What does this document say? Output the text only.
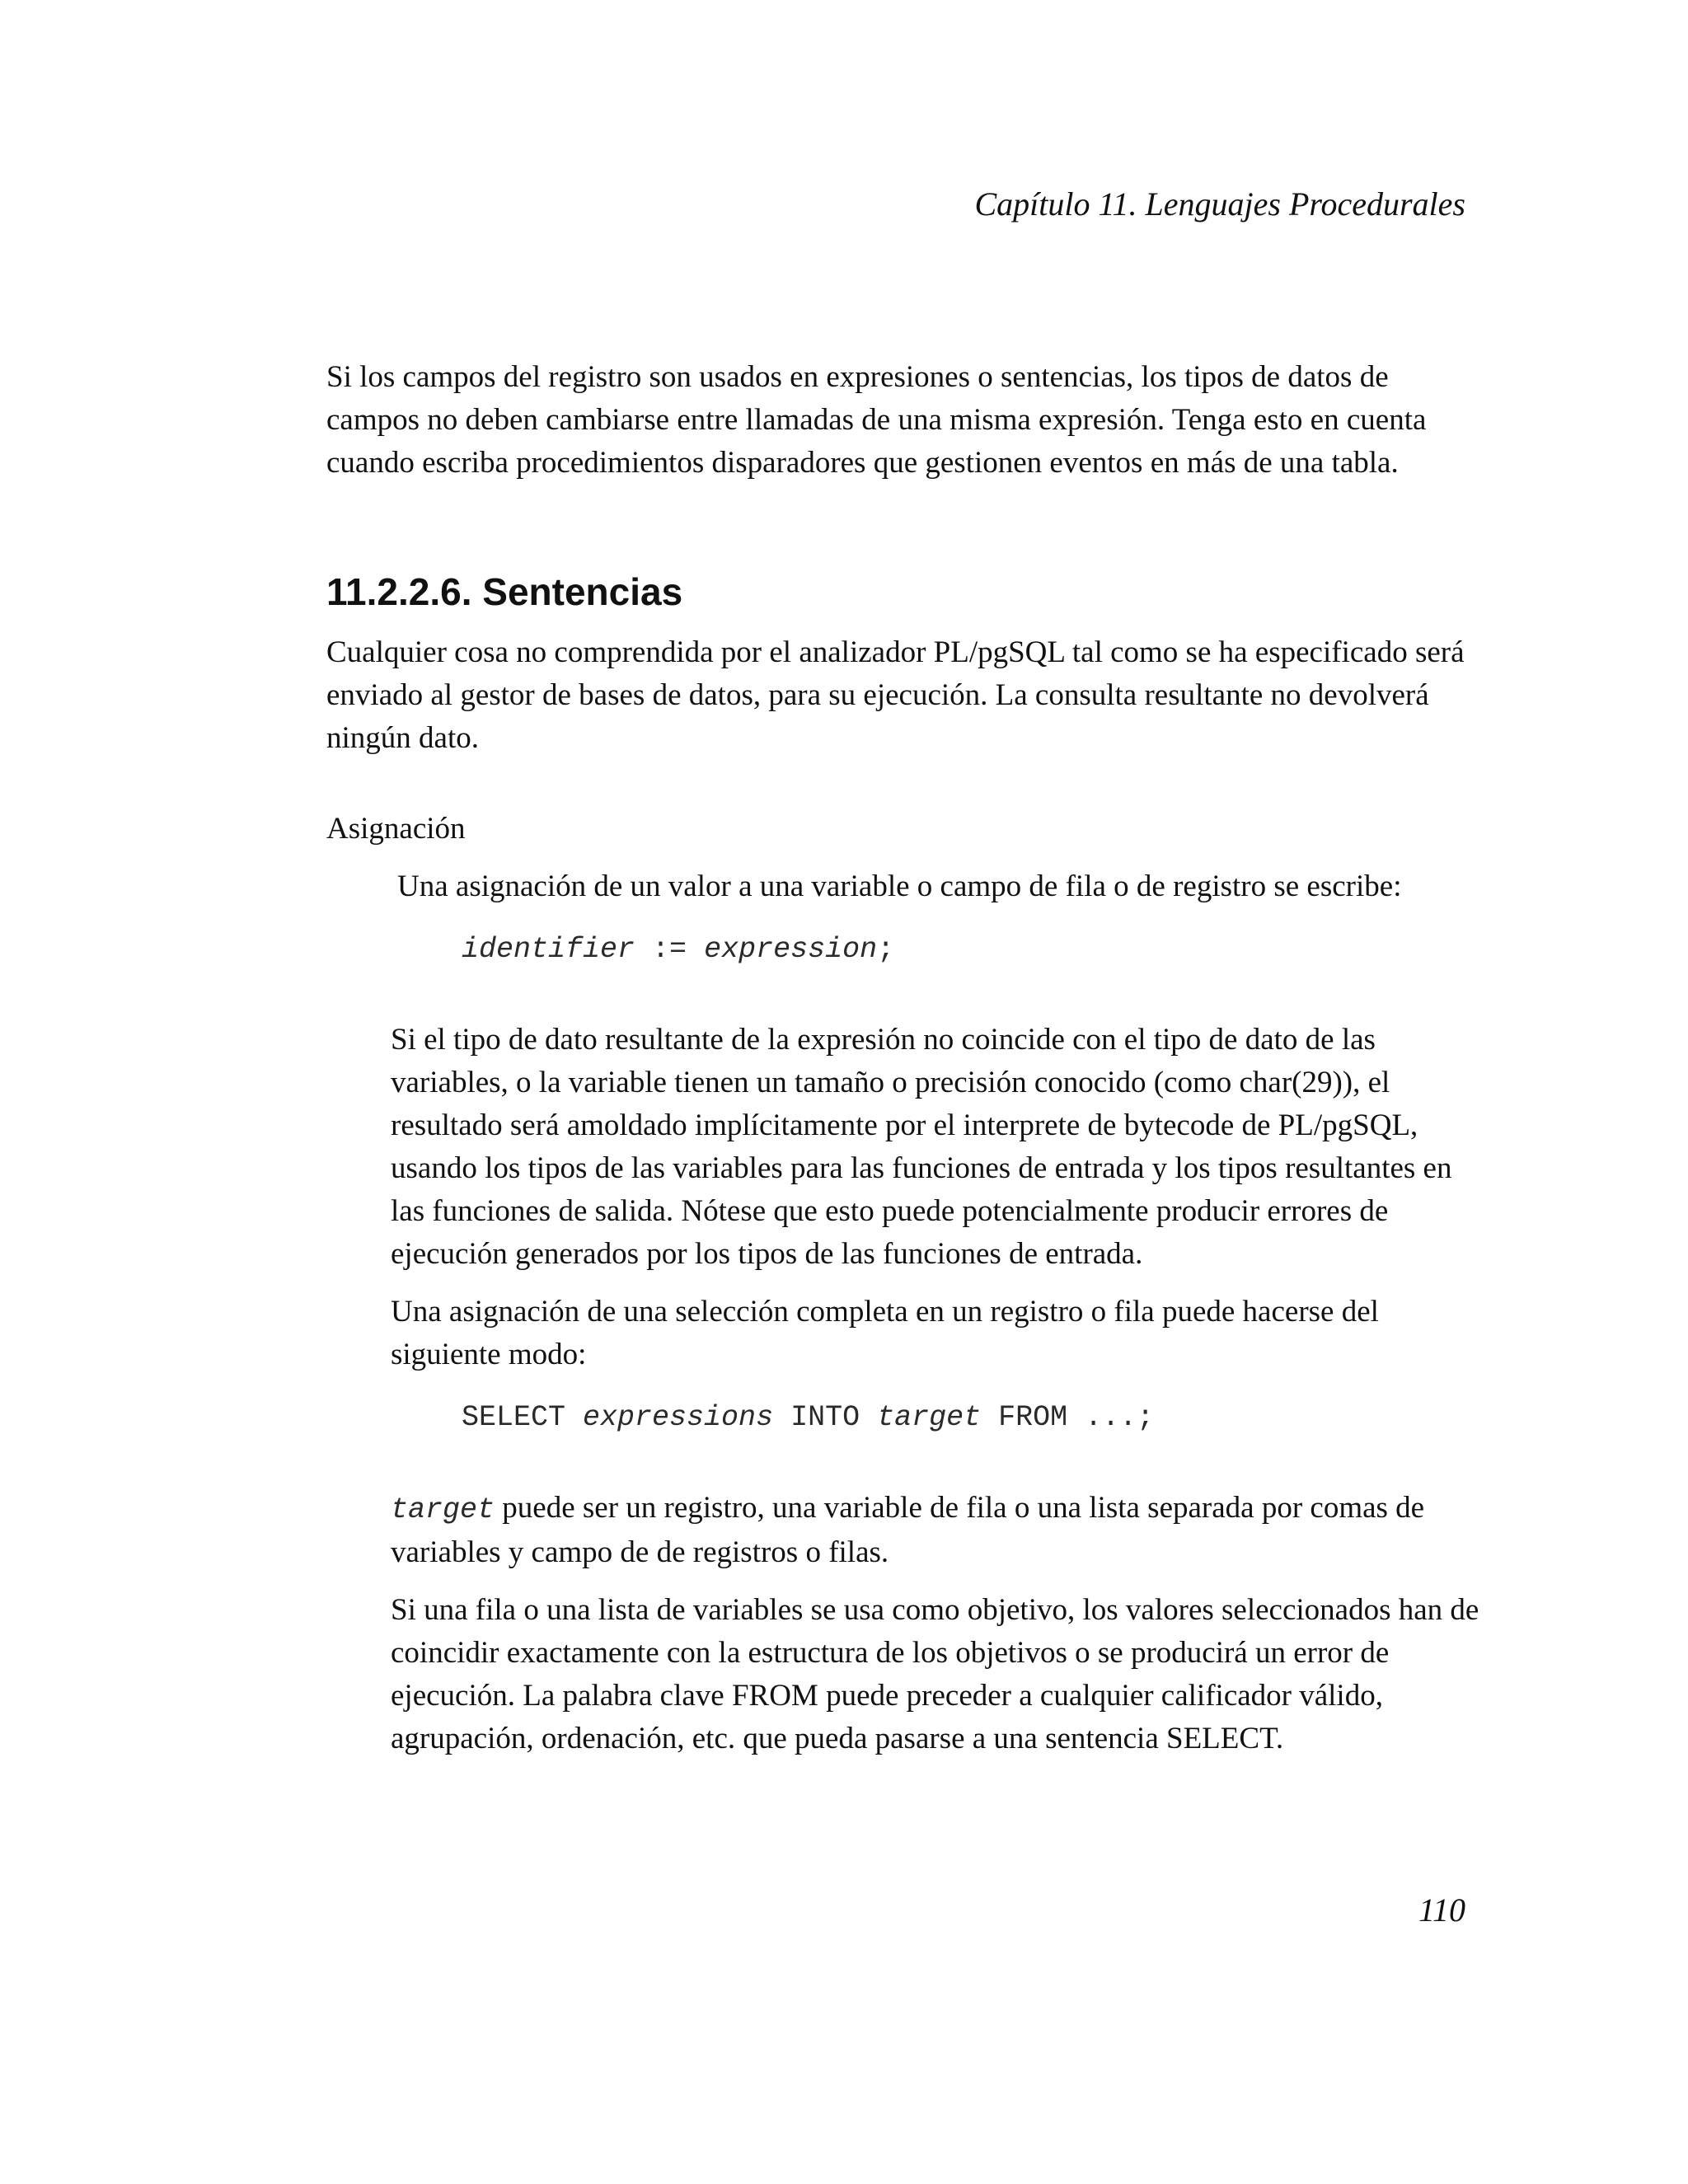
Capítulo 11. Lenguajes Procedurales

Si los campos del registro son usados en expresiones o sentencias, los tipos de datos de campos no deben cambiarse entre llamadas de una misma expresión. Tenga esto en cuenta cuando escriba procedimientos disparadores que gestionen eventos en más de una tabla.

11.2.2.6. Sentencias

Cualquier cosa no comprendida por el analizador PL/pgSQL tal como se ha especificado será enviado al gestor de bases de datos, para su ejecución. La consulta resultante no devolverá ningún dato.

Asignación

Una asignación de un valor a una variable o campo de fila o de registro se escribe:

identifier := expression;

Si el tipo de dato resultante de la expresión no coincide con el tipo de dato de las variables, o la variable tienen un tamaño o precisión conocido (como char(29)), el resultado será amoldado implícitamente por el interprete de bytecode de PL/pgSQL, usando los tipos de las variables para las funciones de entrada y los tipos resultantes en las funciones de salida. Nótese que esto puede potencialmente producir errores de ejecución generados por los tipos de las funciones de entrada.

Una asignación de una selección completa en un registro o fila puede hacerse del siguiente modo:

SELECT expressions INTO target FROM ...;

target puede ser un registro, una variable de fila o una lista separada por comas de variables y campo de de registros o filas.

Si una fila o una lista de variables se usa como objetivo, los valores seleccionados han de coincidir exactamente con la estructura de los objetivos o se producirá un error de ejecución. La palabra clave FROM puede preceder a cualquier calificador válido, agrupación, ordenación, etc. que pueda pasarse a una sentencia SELECT.

110
